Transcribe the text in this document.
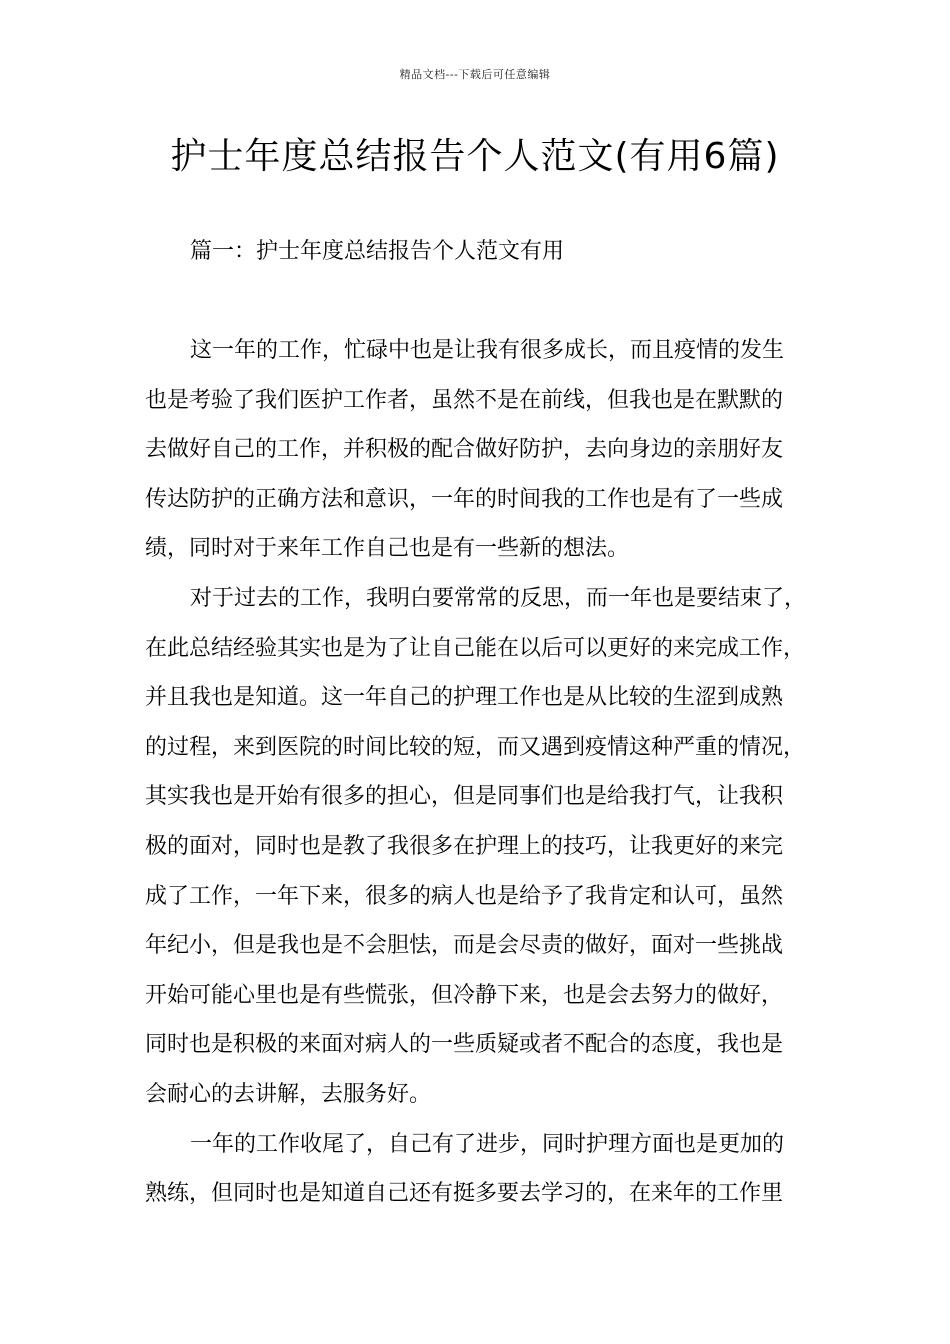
精品文档---下载后可任意编辑
护士年度总结报告个人范文(有用6篇)
篇一：护士年度总结报告个人范文有用
这一年的工作，忙碌中也是让我有很多成长，而且疫情的发生
也是考验了我们医护工作者，虽然不是在前线，但我也是在默默的
去做好自己的工作，并积极的配合做好防护，去向身边的亲朋好友
传达防护的正确方法和意识，一年的时间我的工作也是有了一些成
绩，同时对于来年工作自己也是有一些新的想法。
对于过去的工作，我明白要常常的反思，而一年也是要结束了，
在此总结经验其实也是为了让自己能在以后可以更好的来完成工作，
并且我也是知道。这一年自己的护理工作也是从比较的生涩到成熟
的过程，来到医院的时间比较的短，而又遇到疫情这种严重的情况，
其实我也是开始有很多的担心，但是同事们也是给我打气，让我积
极的面对，同时也是教了我很多在护理上的技巧，让我更好的来完
成了工作，一年下来，很多的病人也是给予了我肯定和认可，虽然
年纪小，但是我也是不会胆怯，而是会尽责的做好，面对一些挑战
开始可能心里也是有些慌张，但冷静下来，也是会去努力的做好，
同时也是积极的来面对病人的一些质疑或者不配合的态度，我也是
会耐心的去讲解，去服务好。
一年的工作收尾了，自己有了进步，同时护理方面也是更加的
熟练，但同时也是知道自己还有挺多要去学习的，在来年的工作里
